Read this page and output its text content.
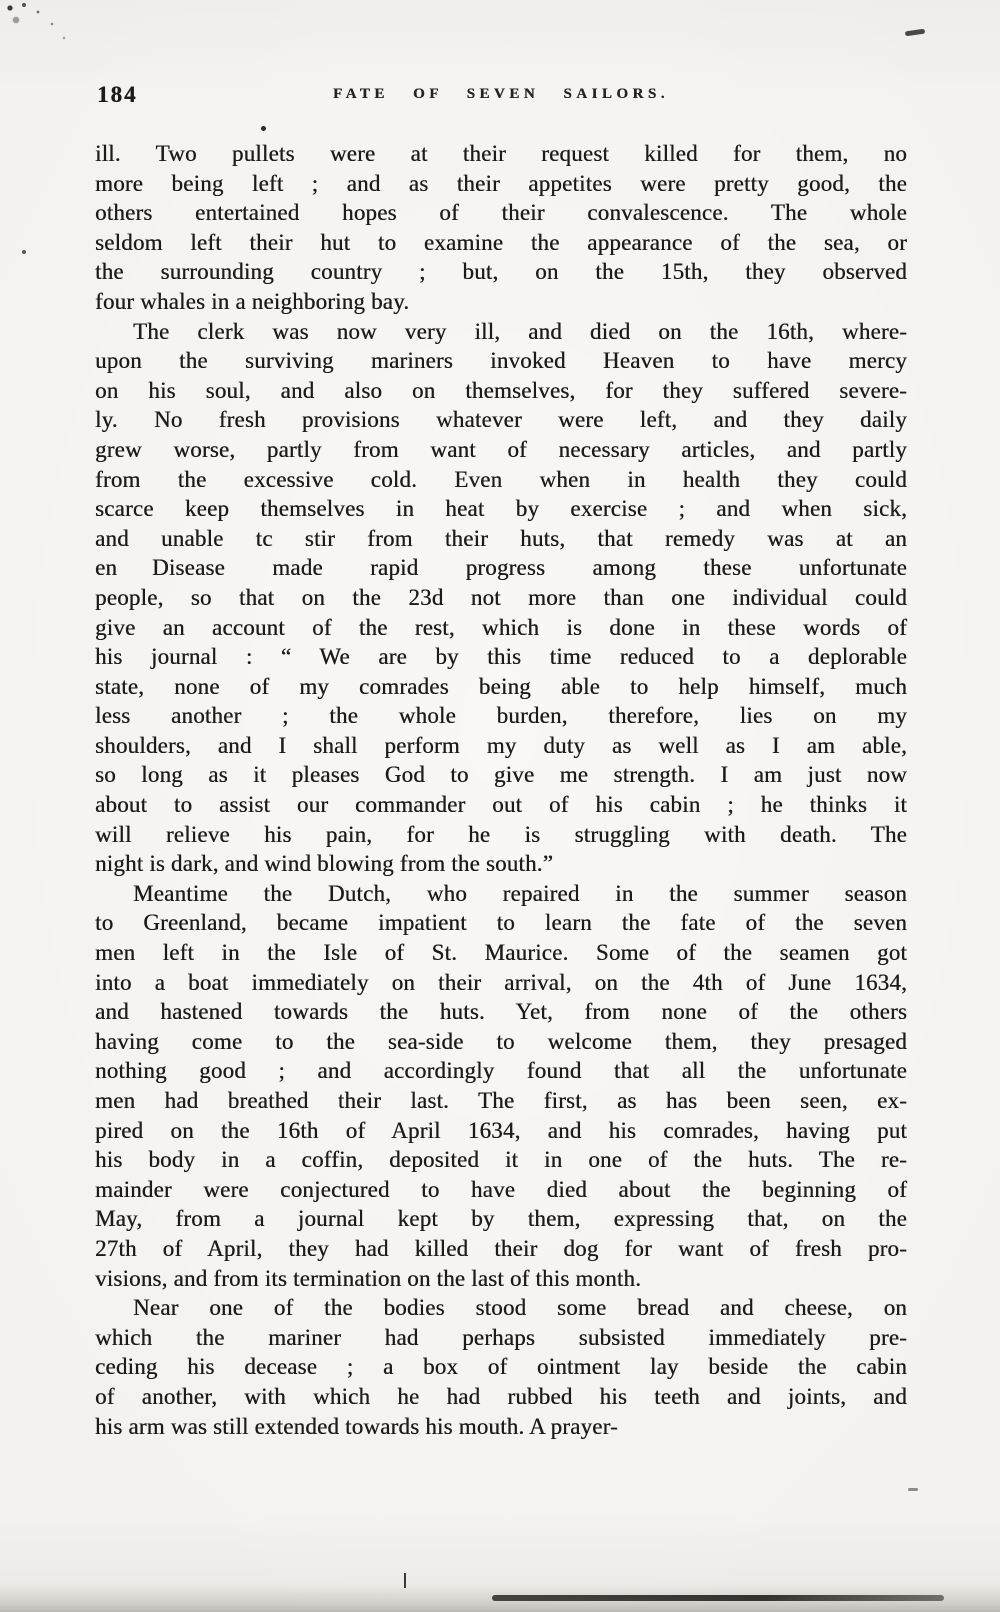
184	FATE OF SEVEN SAILORS.
ill. Two pullets were at their request killed for them, no
more being left ; and as their appetites were pretty good, the
others entertained hopes of their convalescence. The whole
seldom left their hut to examine the appearance of the sea, or
the surrounding country ; but, on the 15th, they observed
four whales in a neighboring bay.
The clerk was now very ill, and died on the 16th, where-
upon the surviving mariners invoked Heaven to have mercy
on his soul, and also on themselves, for they suffered severe-
ly. No fresh provisions whatever were left, and they daily
grew worse, partly from want of necessary articles, and partly
from the excessive cold. Even when in health they could
scarce keep themselves in heat by exercise ; and when sick,
and unable tc stir from their huts, that remedy was at an
en  Disease made rapid progress among these unfortunate
people, so that on the 23d not more than one individual could
give an account of the rest, which is done in these words of
his journal : “ We are by this time reduced to a deplorable
state, none of my comrades being able to help himself, much
less another ; the whole burden, therefore, lies on my
shoulders, and I shall perform my duty as well as I am able,
so long as it pleases God to give me strength. I am just now
about to assist our commander out of his cabin ; he thinks it
will relieve his pain, for he is struggling with death. The
night is dark, and wind blowing from the south.”
Meantime the Dutch, who repaired in the summer season
to Greenland, became impatient to learn the fate of the seven
men left in the Isle of St. Maurice. Some of the seamen got
into a boat immediately on their arrival, on the 4th of June 1634,
and hastened towards the huts. Yet, from none of the others
having come to the sea-side to welcome them, they presaged
nothing good ; and accordingly found that all the unfortunate
men had breathed their last. The first, as has been seen, ex-
pired on the 16th of April 1634, and his comrades, having put
his body in a coffin, deposited it in one of the huts. The re-
mainder were conjectured to have died about the beginning of
May, from a journal kept by them, expressing that, on the
27th of April, they had killed their dog for want of fresh pro-
visions, and from its termination on the last of this month.
Near one of the bodies stood some bread and cheese, on
which the mariner had perhaps subsisted immediately pre-
ceding his decease ; a box of ointment lay beside the cabin
of another, with which he had rubbed his teeth and joints, and
his arm was still extended towards his mouth. A prayer-
